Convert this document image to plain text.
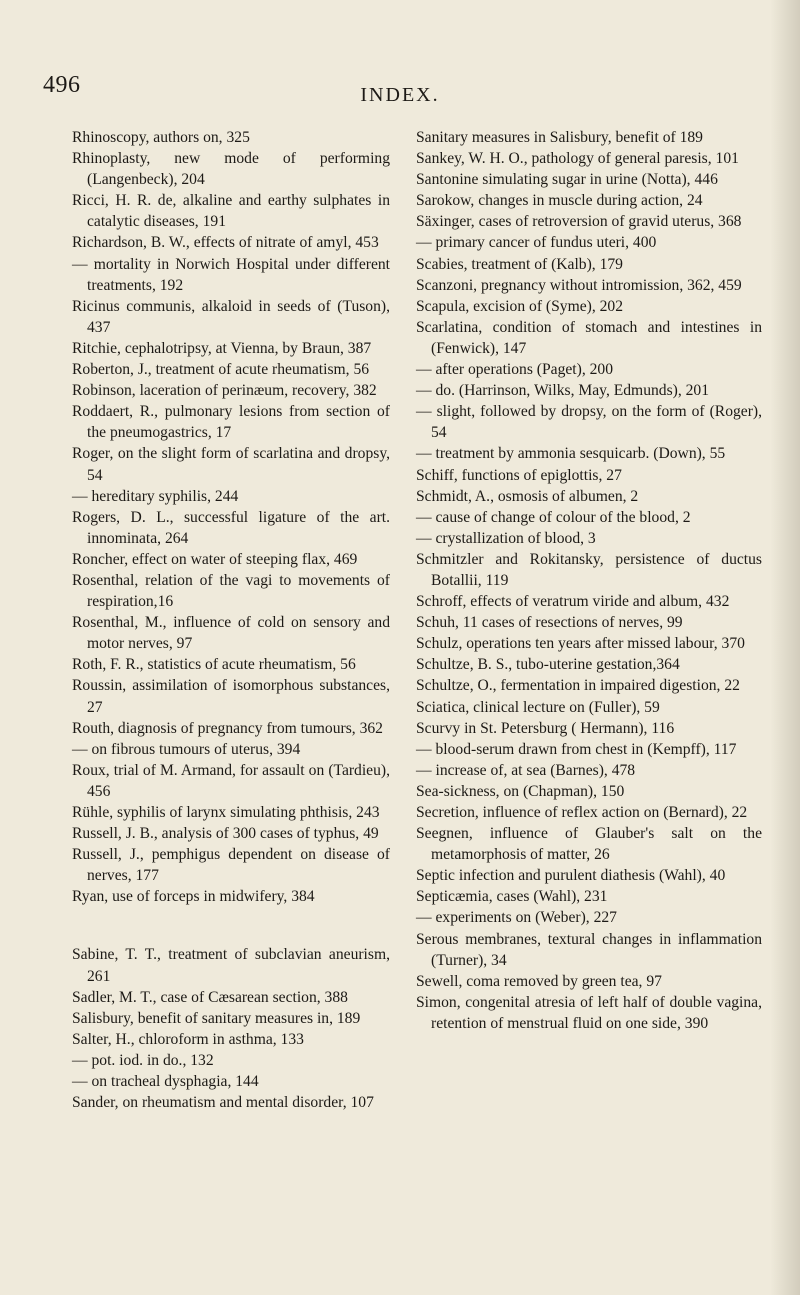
496	INDEX.

Rhinoscopy, authors on, 325

Rhinoplasty, new mode of performing (Langenbeck), 204

Ricci, H. R. de, alkaline and earthy sulphates in catalytic diseases, 191

Richardson, B. W., effects of nitrate of amyl, 453

— mortality in Norwich Hospital under different treatments, 192

Ricinus communis, alkaloid in seeds of (Tuson), 437

Ritchie, cephalotripsy, at Vienna, by Braun, 387

Roberton, J., treatment of acute rheumatism, 56

Robinson, laceration of perinæum, recovery, 382

Roddaert, R., pulmonary lesions from section of the pneumogastrics, 17

Roger, on the slight form of scarlatina and dropsy, 54

— hereditary syphilis, 244

Rogers, D. L., successful ligature of the art. innominata, 264

Roncher, effect on water of steeping flax, 469

Rosenthal, relation of the vagi to movements of respiration,16

Rosenthal, M., influence of cold on sensory and motor nerves, 97

Roth, F. R., statistics of acute rheumatism, 56

Roussin, assimilation of isomorphous substances, 27

Routh, diagnosis of pregnancy from tumours, 362

— on fibrous tumours of uterus, 394

Roux, trial of M. Armand, for assault on (Tardieu), 456

Rühle, syphilis of larynx simulating phthisis, 243

Russell, J. B., analysis of 300 cases of typhus, 49

Russell, J., pemphigus dependent on disease of nerves, 177

Ryan, use of forceps in midwifery, 384

Sabine, T. T., treatment of subclavian aneurism, 261

Sadler, M. T., case of Cæsarean section, 388

Salisbury, benefit of sanitary measures in, 189

Salter, H., chloroform in asthma, 133

— pot. iod. in do., 132

— on tracheal dysphagia, 144

Sander, on rheumatism and mental disorder, 107

Sanitary measures in Salisbury, benefit of 189

Sankey, W. H. O., pathology of general paresis, 101

Santonine simulating sugar in urine (Notta), 446

Sarokow, changes in muscle during action, 24

Säxinger, cases of retroversion of gravid uterus, 368

— primary cancer of fundus uteri, 400

Scabies, treatment of (Kalb), 179

Scanzoni, pregnancy without intromission, 362, 459

Scapula, excision of (Syme), 202

Scarlatina, condition of stomach and intestines in (Fenwick), 147

— after operations (Paget), 200

— do. (Harrinson, Wilks, May, Edmunds), 201

— slight, followed by dropsy, on the form of (Roger), 54

— treatment by ammonia sesquicarb. (Down), 55

Schiff, functions of epiglottis, 27

Schmidt, A., osmosis of albumen, 2

— cause of change of colour of the blood, 2

— crystallization of blood, 3

Schmitzler and Rokitansky, persistence of ductus Botallii, 119

Schroff, effects of veratrum viride and album, 432

Schuh, 11 cases of resections of nerves, 99

Schulz, operations ten years after missed labour, 370

Schultze, B. S., tubo-uterine gestation,364

Schultze, O., fermentation in impaired digestion, 22

Sciatica, clinical lecture on (Fuller), 59

Scurvy in St. Petersburg ( Hermann), 116

— blood-serum drawn from chest in (Kempff), 117

— increase of, at sea (Barnes), 478

Sea-sickness, on (Chapman), 150

Secretion, influence of reflex action on (Bernard), 22

Seegnen, influence of Glauber's salt on the metamorphosis of matter, 26

Septic infection and purulent diathesis (Wahl), 40

Septicæmia, cases (Wahl), 231

— experiments on (Weber), 227

Serous membranes, textural changes in inflammation (Turner), 34

Sewell, coma removed by green tea, 97

Simon, congenital atresia of left half of double vagina, retention of menstrual fluid on one side, 390
